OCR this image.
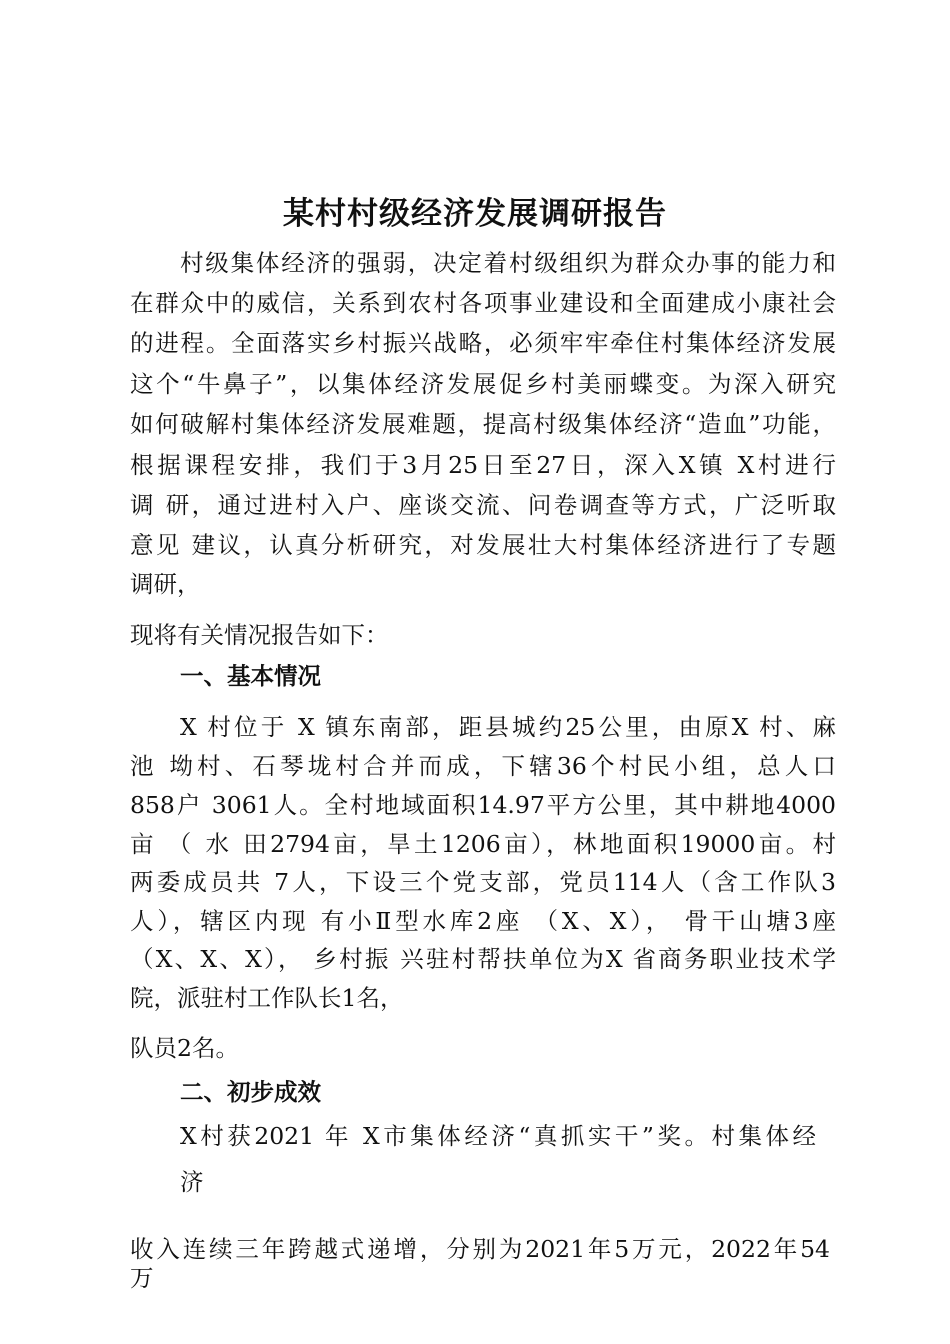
某村村级经济发展调研报告
村级集体经济的强弱，决定着村级组织为群众办事的能力和
在群众中的威信，关系到农村各项事业建设和全面建成小康社会
的进程。全面落实乡村振兴战略，必须牢牢牵住村集体经济发展
这个“牛鼻子”，以集体经济发展促乡村美丽蝶变。为深入研究
如何破解村集体经济发展难题，提高村级集体经济“造血”功能，
根据课程安排，我们于3月25日至27日，深入X镇 X村进行
调 研，通过进村入户、座谈交流、问卷调查等方式，广泛听取
意见 建议，认真分析研究，对发展壮大村集体经济进行了专题
调研，
现将有关情况报告如下：
一、基本情况
X 村位于 X 镇东南部，距县城约25公里，由原X 村、麻
池 坳村、石琴垅村合并而成，下辖36个村民小组，总人口
858户 3061人。全村地域面积14.97平方公里，其中耕地4000
亩 （ 水 田2794亩，旱土1206亩），林地面积19000亩。村
两委成员共 7人，下设三个党支部，党员114人（含工作队3
人），辖区内现 有小Ⅱ型水库2座 （X、X）， 骨干山塘3座
（X、X、X）， 乡村振 兴驻村帮扶单位为X 省商务职业技术学
院，派驻村工作队长1名，
队员2名。
二、初步成效
X村获2021 年 X市集体经济“真抓实干”奖。村集体经
济
收入连续三年跨越式递增，分别为2021年5万元，2022年54
万
